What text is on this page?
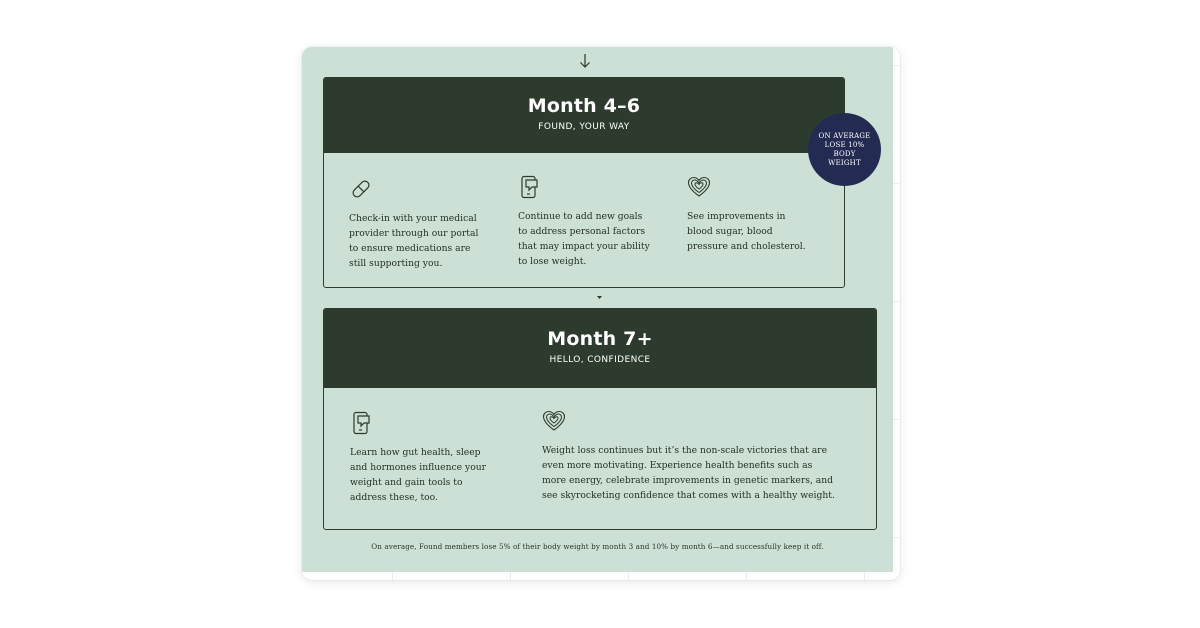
Month 4–6
FOUND, YOUR WAY

Check-in with your medical provider through our portal to ensure medications are still supporting you.

Continue to add new goals to address personal factors that may impact your ability to lose weight.

See improvements in blood sugar, blood pressure and cholesterol.

ON AVERAGE LOSE 10% BODY WEIGHT
Month 7+
HELLO, CONFIDENCE

Learn how gut health, sleep and hormones influence your weight and gain tools to address these, too.

Weight loss continues but it’s the non-scale victories that are even more motivating. Experience health benefits such as more energy, celebrate improvements in genetic markers, and see skyrocketing confidence that comes with a healthy weight.

On average, Found members lose 5% of their body weight by month 3 and 10% by month 6—and successfully keep it off.
